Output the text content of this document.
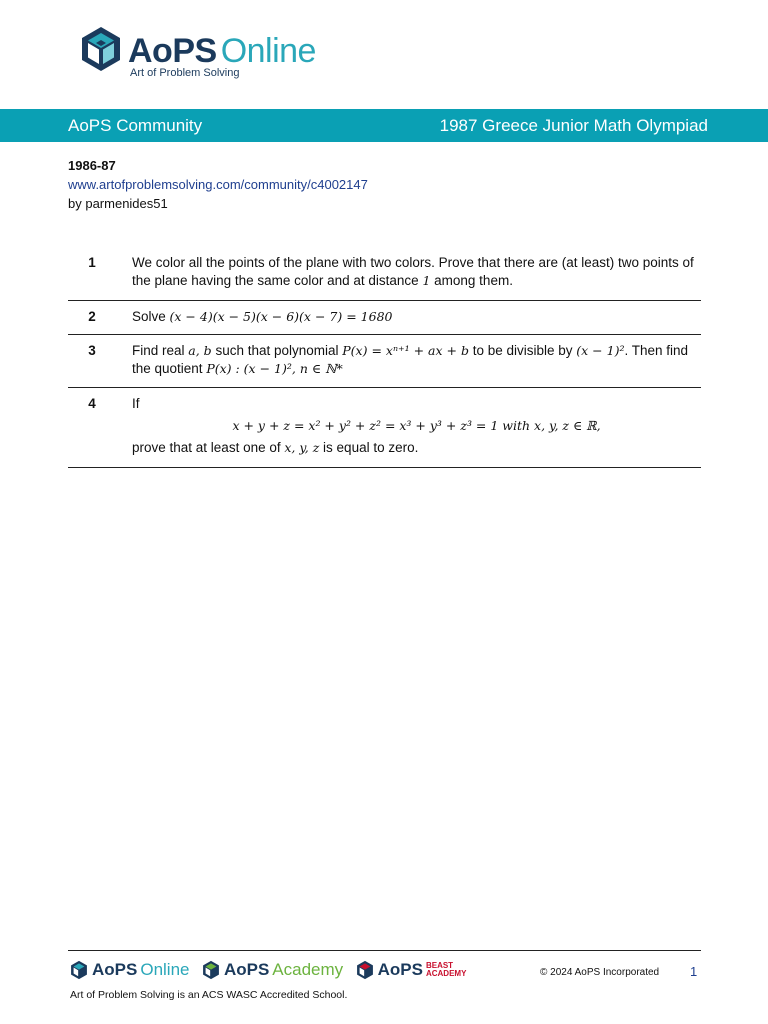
AoPS Online
Art of Problem Solving
AoPS Community	1987 Greece Junior Math Olympiad
1986-87
www.artofproblemsolving.com/community/c4002147
by parmenides51
1	We color all the points of the plane with two colors. Prove that there are (at least) two points of the plane having the same color and at distance 1 among them.
2	Solve (x − 4)(x − 5)(x − 6)(x − 7) = 1680
3	Find real a, b such that polynomial P(x) = xⁿ⁺¹ + ax + b to be divisible by (x − 1)². Then find the quotient P(x) : (x − 1)², n ∈ ℕ*
4	If
x + y + z = x² + y² + z² = x³ + y³ + z³ = 1 with x, y, z ∈ ℝ,
prove that at least one of x, y, z is equal to zero.
AoPS Online
AoPS Academy
AoPS BEAST
ACADEMY	© 2024 AoPS Incorporated 1
Art of Problem Solving is an ACS WASC Accredited School.
